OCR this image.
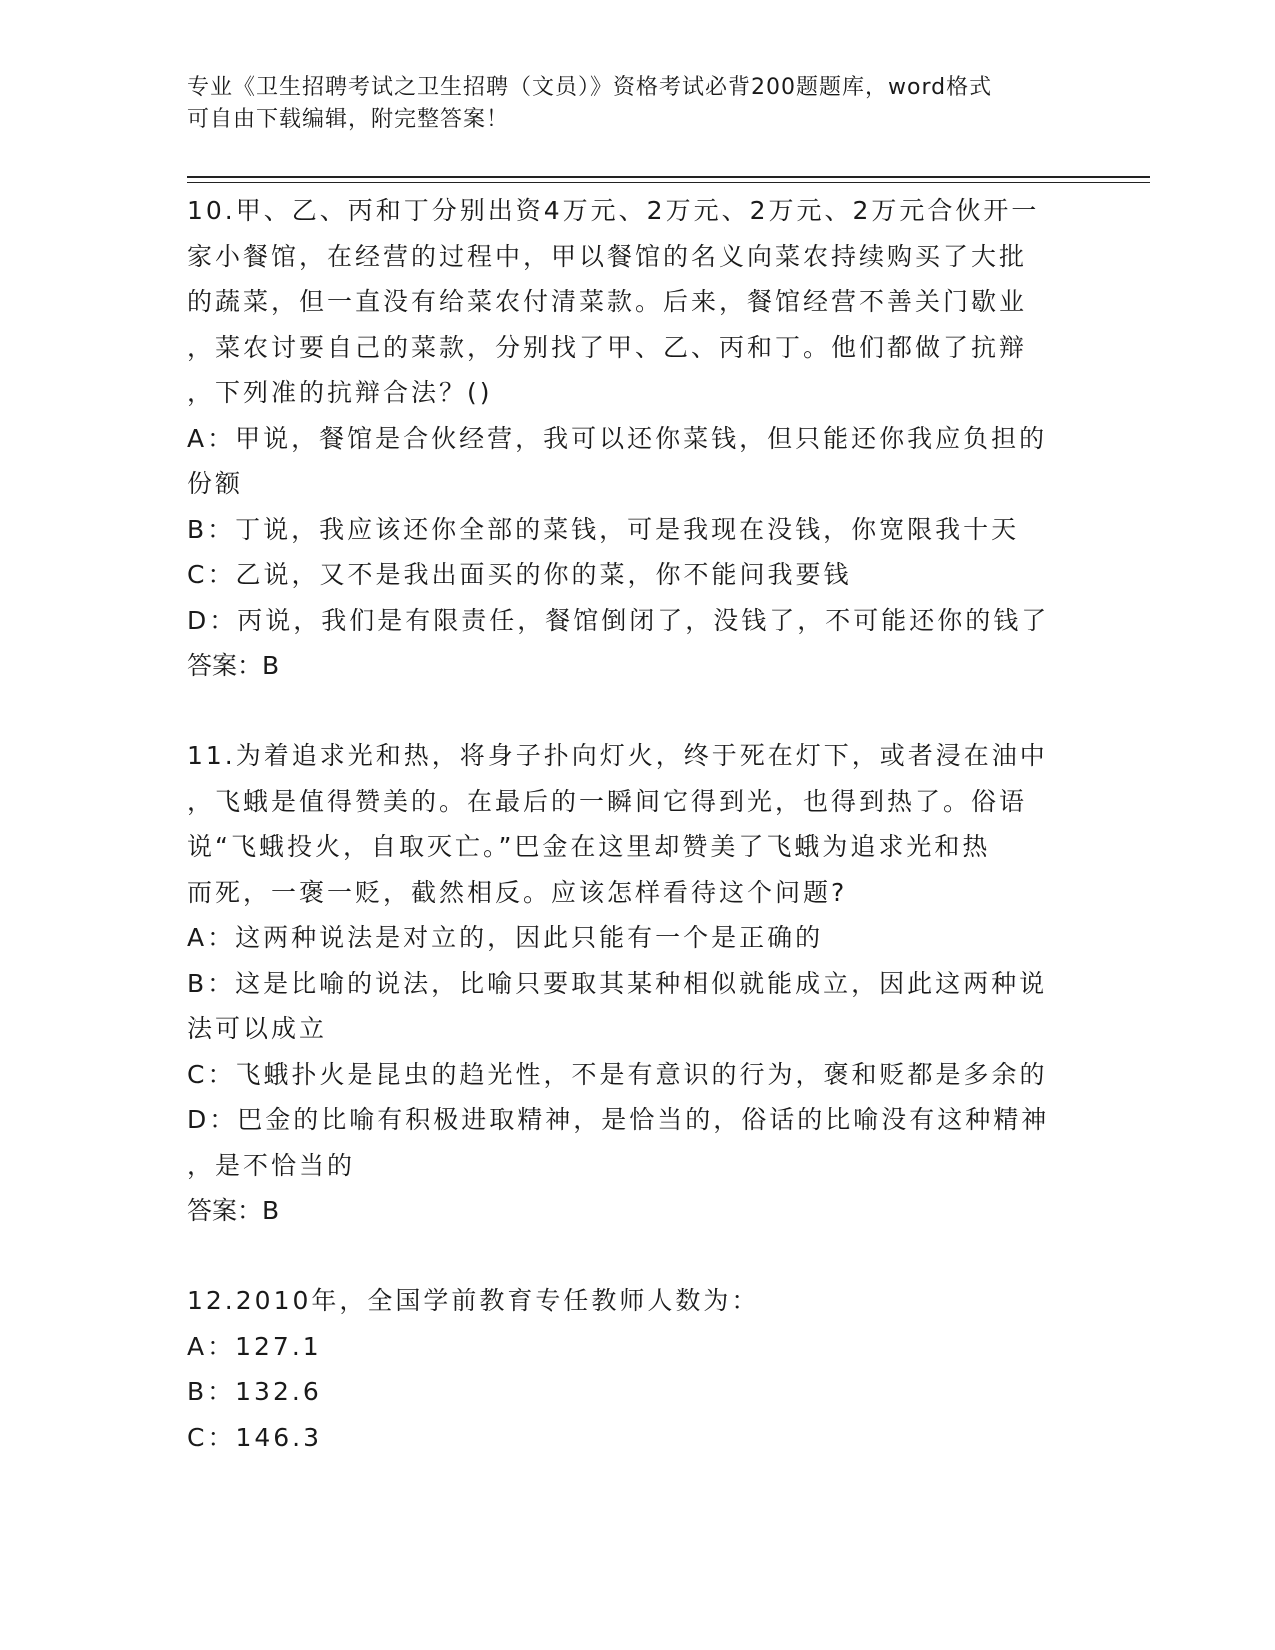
专业《卫生招聘考试之卫生招聘（文员）》资格考试必背200题题库，word格式
可自由下载编辑，附完整答案！

10.甲、乙、丙和丁分别出资4万元、2万元、2万元、2万元合伙开一

家小餐馆，在经营的过程中，甲以餐馆的名义向菜农持续购买了大批

的蔬菜，但一直没有给菜农付清菜款。后来，餐馆经营不善关门歇业

，菜农讨要自己的菜款，分别找了甲、乙、丙和丁。他们都做了抗辩

，下列准的抗辩合法？()

A：甲说，餐馆是合伙经营，我可以还你菜钱，但只能还你我应负担的

份额

B：丁说，我应该还你全部的菜钱，可是我现在没钱，你宽限我十天

C：乙说，又不是我出面买的你的菜，你不能问我要钱

D：丙说，我们是有限责任，餐馆倒闭了，没钱了，不可能还你的钱了

答案：B

11.为着追求光和热，将身子扑向灯火，终于死在灯下，或者浸在油中

，飞蛾是值得赞美的。在最后的一瞬间它得到光，也得到热了。俗语

说“飞蛾投火，自取灭亡。”巴金在这里却赞美了飞蛾为追求光和热

而死，一褒一贬，截然相反。应该怎样看待这个问题?

A：这两种说法是对立的，因此只能有一个是正确的

B：这是比喻的说法，比喻只要取其某种相似就能成立，因此这两种说

法可以成立

C：飞蛾扑火是昆虫的趋光性，不是有意识的行为，褒和贬都是多余的

D：巴金的比喻有积极进取精神，是恰当的，俗话的比喻没有这种精神

，是不恰当的

答案：B

12.2010年，全国学前教育专任教师人数为：

A：127.1

B：132.6

C：146.3
